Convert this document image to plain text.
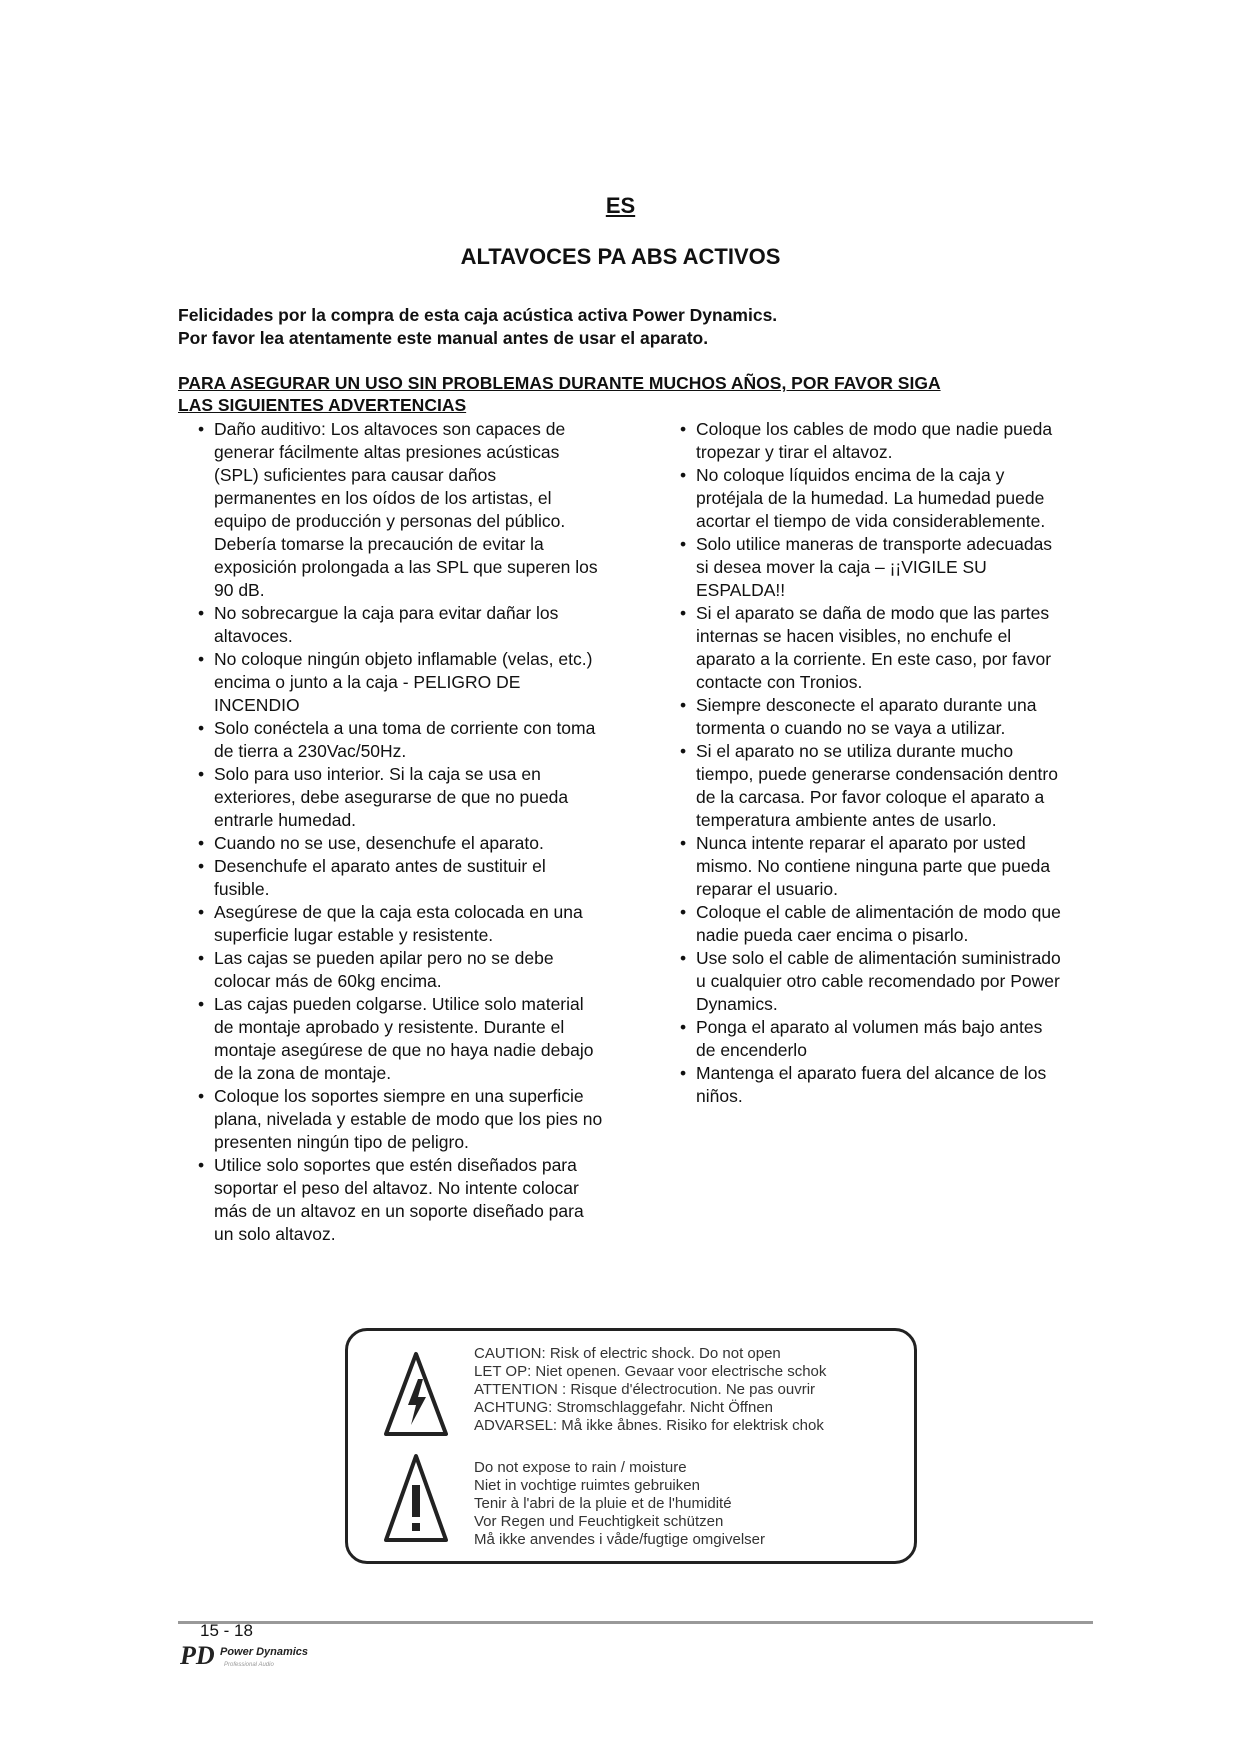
ES
ALTAVOCES PA ABS ACTIVOS
Felicidades por la compra de esta caja acústica activa Power Dynamics.
Por favor lea atentamente este manual antes de usar el aparato.
PARA ASEGURAR UN USO SIN PROBLEMAS DURANTE MUCHOS AÑOS, POR FAVOR SIGA
LAS SIGUIENTES ADVERTENCIAS
• Daño auditivo: Los altavoces son capaces de generar fácilmente altas presiones acústicas (SPL) suficientes para causar daños permanentes en los oídos de los artistas, el equipo de producción y personas del público. Debería tomarse la precaución de evitar la exposición prolongada a las SPL que superen los 90 dB.
• No sobrecargue la caja para evitar dañar los altavoces.
• No coloque ningún objeto inflamable (velas, etc.) encima o junto a la caja - PELIGRO DE INCENDIO
• Solo conéctela a una toma de corriente con toma de tierra a 230Vac/50Hz.
• Solo para uso interior. Si la caja se usa en exteriores, debe asegurarse de que no pueda entrarle humedad.
• Cuando no se use, desenchufe el aparato.
• Desenchufe el aparato antes de sustituir el fusible.
• Asegúrese de que la caja esta colocada en una superficie lugar estable y resistente.
• Las cajas se pueden apilar pero no se debe colocar más de 60kg encima.
• Las cajas pueden colgarse. Utilice solo material de montaje aprobado y resistente. Durante el montaje asegúrese de que no haya nadie debajo de la zona de montaje.
• Coloque los soportes siempre en una superficie plana, nivelada y estable de modo que los pies no presenten ningún tipo de peligro.
• Utilice solo soportes que estén diseñados para soportar el peso del altavoz. No intente colocar más de un altavoz en un soporte diseñado para un solo altavoz.
• Coloque los cables de modo que nadie pueda tropezar y tirar el altavoz.
• No coloque líquidos encima de la caja y protéjala de la humedad. La humedad puede acortar el tiempo de vida considerablemente.
• Solo utilice maneras de transporte adecuadas si desea mover la caja – ¡¡VIGILE SU ESPALDA!!
• Si el aparato se daña de modo que las partes internas se hacen visibles, no enchufe el aparato a la corriente. En este caso, por favor contacte con Tronios.
• Siempre desconecte el aparato durante una tormenta o cuando no se vaya a utilizar.
• Si el aparato no se utiliza durante mucho tiempo, puede generarse condensación dentro de la carcasa. Por favor coloque el aparato a temperatura ambiente antes de usarlo.
• Nunca intente reparar el aparato por usted mismo. No contiene ninguna parte que pueda reparar el usuario.
• Coloque el cable de alimentación de modo que nadie pueda caer encima o pisarlo.
• Use solo el cable de alimentación suministrado u cualquier otro cable recomendado por Power Dynamics.
• Ponga el aparato al volumen más bajo antes de encenderlo
• Mantenga el aparato fuera del alcance de los niños.
CAUTION: Risk of electric shock. Do not open
LET OP: Niet openen. Gevaar voor electrische schok
ATTENTION : Risque d'électrocution. Ne pas ouvrir
ACHTUNG: Stromschlaggefahr. Nicht Öffnen
ADVARSEL: Må ikke åbnes. Risiko for elektrisk chok
Do not expose to rain / moisture
Niet in vochtige ruimtes gebruiken
Tenir à l'abri de la pluie et de l'humidité
Vor Regen und Feuchtigkeit schützen
Må ikke anvendes i våde/fugtige omgivelser
15 - 18
PD Power Dynamics
Professional Audio
